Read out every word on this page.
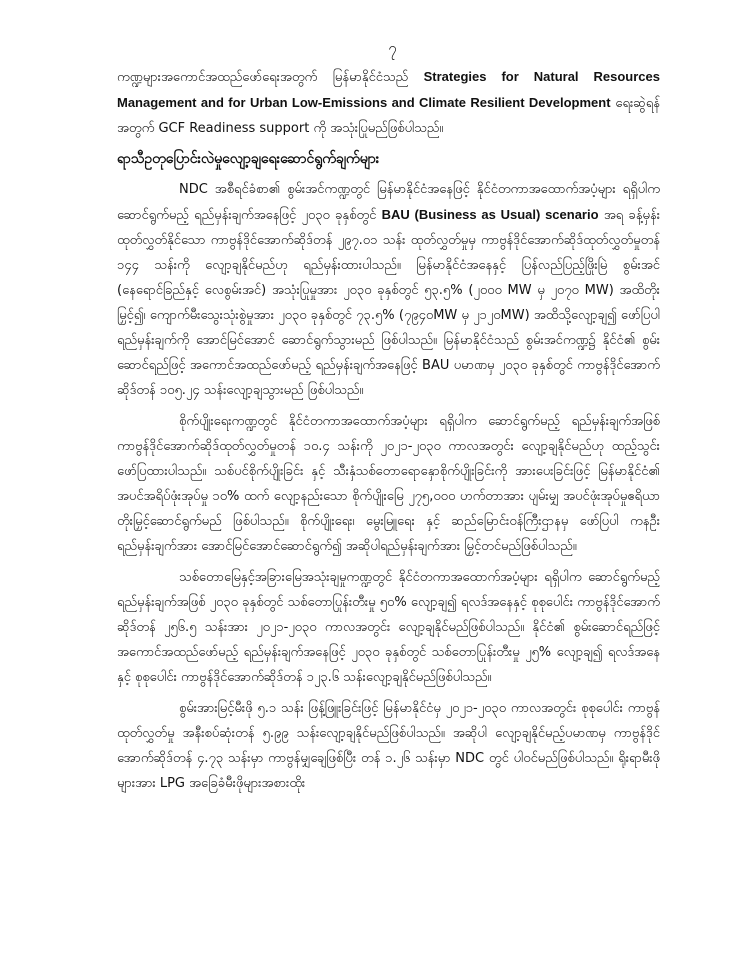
၇

ကဏ္ဍများအကောင်အထည်ဖော်ရေးအတွက် မြန်မာနိုင်ငံသည် Strategies for Natural Resources Management and for Urban Low-Emissions and Climate Resilient Development ရေးဆွဲရန်အတွက် GCF Readiness support ကို အသုံးပြုမည်ဖြစ်ပါသည်။

ရာသီဥတုပြောင်းလဲမှုလျော့ချရေးဆောင်ရွက်ချက်များ

NDC အစီရင်ခံစာ၏ စွမ်းအင်ကဏ္ဍတွင် မြန်မာနိုင်ငံအနေဖြင့် နိုင်ငံတကာအထောက်အပံ့များ ရရှိပါက ဆောင်ရွက်မည့် ရည်မှန်းချက်အနေဖြင့် ၂၀၃၀ ခုနှစ်တွင် BAU (Business as Usual) scenario အရ ခန့်မှန်းထုတ်လွှတ်နိုင်သော ကာဗွန်ဒိုင်အောက်ဆိုဒ်တန် ၂၉၇.၀၁ သန်း ထုတ်လွှတ်မှုမှ ကာဗွန်ဒိုင်အောက်ဆိုဒ်ထုတ်လွှတ်မှုတန် ၁၄၄ သန်းကို လျော့ချနိုင်မည်ဟု ရည်မှန်းထားပါသည်။ မြန်မာနိုင်ငံအနေနှင့် ပြန်လည်ပြည့်ဖြိုးမြဲ စွမ်းအင် (နေရောင်ခြည်နှင့် လေစွမ်းအင်) အသုံးပြုမှုအား ၂၀၃၀ ခုနှစ်တွင် ၅၃.၅% (၂၀၀၀ MW မှ ၂၀၇၀ MW) အထိတိုးမြှင့်၍၊ ကျောက်မီးသွေးသုံးစွဲမှုအား ၂၀၃၀ ခုနှစ်တွင် ၇၃.၅% (၇၉၄၀MW မှ ၂၁၂၀MW) အထိသို့လျော့ချ၍ ဖော်ပြပါရည်မှန်းချက်ကို အောင်မြင်အောင် ဆောင်ရွက်သွားမည် ဖြစ်ပါသည်။ မြန်မာနိုင်ငံသည် စွမ်းအင်ကဏ္ဍ၌ နိုင်ငံ၏ စွမ်းဆောင်ရည်ဖြင့် အကောင်အထည်ဖော်မည့် ရည်မှန်းချက်အနေဖြင့် BAU ပမာဏမှ ၂၀၃၀ ခုနှစ်တွင် ကာဗွန်ဒိုင်အောက်ဆိုဒ်တန် ၁၀၅.၂၄ သန်းလျော့ချသွားမည် ဖြစ်ပါသည်။

စိုက်ပျိုးရေးကဏ္ဍတွင် နိုင်ငံတကာအထောက်အပံ့များ ရရှိပါက ဆောင်ရွက်မည့် ရည်မှန်းချက်အဖြစ် ကာဗွန်ဒိုင်အောက်ဆိုဒ်ထုတ်လွှတ်မှုတန် ၁၀.၄ သန်းကို ၂၀၂၁-၂၀၃၀ ကာလအတွင်း လျော့ချနိုင်မည်ဟု ထည့်သွင်းဖော်ပြထားပါသည်။ သစ်ပင်စိုက်ပျိုးခြင်း နှင့် သီးနှံသစ်တောရောနှောစိုက်ပျိုးခြင်းကို အားပေးခြင်းဖြင့် မြန်မာနိုင်ငံ၏ အပင်အရိပ်ဖုံးအုပ်မှု ၁၀% ထက် လျော့နည်းသော စိုက်ပျိုးမြေ ၂၇၅,၀၀၀ ဟက်တာအား ပျမ်းမျှ အပင်ဖုံးအုပ်မှုဧရိယာ တိုးမြှင့်ဆောင်ရွက်မည် ဖြစ်ပါသည်။ စိုက်ပျိုးရေး၊ မွေးမြူရေး နှင့် ဆည်မြောင်းဝန်ကြီးဌာနမှ ဖော်ပြပါ ကနဦးရည်မှန်းချက်အား အောင်မြင်အောင်ဆောင်ရွက်၍ အဆိုပါရည်မှန်းချက်အား မြှင့်တင်မည်ဖြစ်ပါသည်။

သစ်တောမြေနှင့်အခြားမြေအသုံးချမှုကဏ္ဍတွင် နိုင်ငံတကာအထောက်အပံ့များ ရရှိပါက ဆောင်ရွက်မည့် ရည်မှန်းချက်အဖြစ် ၂၀၃၀ ခုနှစ်တွင် သစ်တောပြုန်းတီးမှု ၅၀% လျော့ချ၍ ရလဒ်အနေနှင့် စုစုပေါင်း ကာဗွန်ဒိုင်အောက်ဆိုဒ်တန် ၂၅၆.၅ သန်းအား ၂၀၂၁-၂၀၃၀ ကာလအတွင်း လျော့ချနိုင်မည်ဖြစ်ပါသည်။ နိုင်ငံ၏ စွမ်းဆောင်ရည်ဖြင့် အကောင်အထည်ဖော်မည့် ရည်မှန်းချက်အနေဖြင့် ၂၀၃၀ ခုနှစ်တွင် သစ်တောပြုန်းတီးမှု ၂၅% လျော့ချ၍ ရလဒ်အနေနှင့် စုစုပေါင်း ကာဗွန်ဒိုင်အောက်ဆိုဒ်တန် ၁၂၃.၆ သန်းလျော့ချနိုင်မည်ဖြစ်ပါသည်။

စွမ်းအားမြင့်မီးဖို ၅.၁ သန်း ဖြန့်ဖြူးခြင်းဖြင့် မြန်မာနိုင်ငံမှ ၂၀၂၁-၂၀၃၀ ကာလအတွင်း စုစုပေါင်း ကာဗွန်ထုတ်လွှတ်မှု အနီးစပ်ဆုံးတန် ၅.၉၉ သန်းလျော့ချနိုင်မည်ဖြစ်ပါသည်။ အဆိုပါ လျော့ချနိုင်မည့်ပမာဏမှ ကာဗွန်ဒိုင်အောက်ဆိုဒ်တန် ၄.၇၃ သန်းမှာ ကာဗွန်မျှချေဖြစ်ပြီး တန် ၁.၂၆ သန်းမှာ NDC တွင် ပါဝင်မည်ဖြစ်ပါသည်။ ရိုးရာမီးဖိုများအား LPG အခြေခံမီးဖိုများအစားထိုး
